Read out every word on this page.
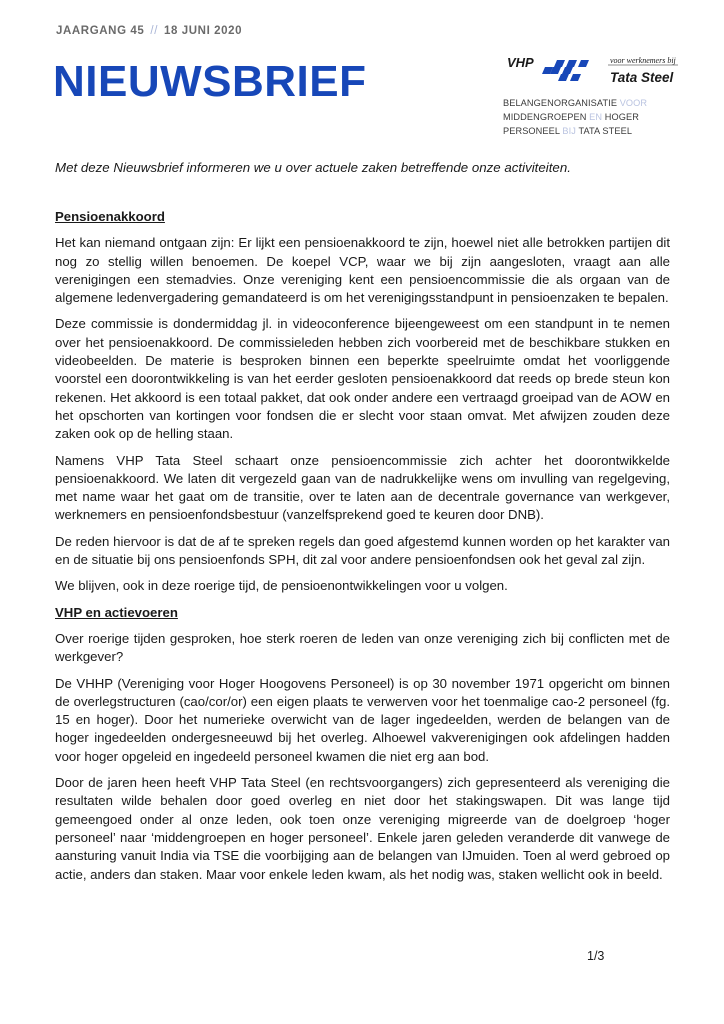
JAARGANG 45 // 18 JUNI 2020
NIEUWSBRIEF	VHP	voor werknemers bij
Tata Steel
BELANGENORGANISATIE VOOR
MIDDENGROEPEN EN HOGER
PERSONEEL BIJ TATA STEEL
Met deze Nieuwsbrief informeren we u over actuele zaken betreffende onze activiteiten.
Pensioenakkoord

Het kan niemand ontgaan zijn: Er lijkt een pensioenakkoord te zijn, hoewel niet alle betrokken partijen dit nog zo stellig willen benoemen. De koepel VCP, waar we bij zijn aangesloten, vraagt aan alle verenigingen een stemadvies. Onze vereniging kent een pensioencommissie die als orgaan van de algemene ledenvergadering gemandateerd is om het verenigingsstandpunt in pensioenzaken te bepalen.

Deze commissie is dondermiddag jl. in videoconference bijeengeweest om een standpunt in te nemen over het pensioenakkoord. De commissieleden hebben zich voorbereid met de beschikbare stukken en videobeelden. De materie is besproken binnen een beperkte speelruimte omdat het voorliggende voorstel een doorontwikkeling is van het eerder gesloten pensioenakkoord dat reeds op brede steun kon rekenen. Het akkoord is een totaal pakket, dat ook onder andere een vertraagd groeipad van de AOW en het opschorten van kortingen voor fondsen die er slecht voor staan omvat. Met afwijzen zouden deze zaken ook op de helling staan.

Namens VHP Tata Steel schaart onze pensioencommissie zich achter het doorontwikkelde pensioenakkoord. We laten dit vergezeld gaan van de nadrukkelijke wens om invulling van regelgeving, met name waar het gaat om de transitie, over te laten aan de decentrale governance van werkgever, werknemers en pensioenfondsbestuur (vanzelfsprekend goed te keuren door DNB).

De reden hiervoor is dat de af te spreken regels dan goed afgestemd kunnen worden op het karakter van en de situatie bij ons pensioenfonds SPH, dit zal voor andere pensioenfondsen ook het geval zal zijn.

We blijven, ook in deze roerige tijd, de pensioenontwikkelingen voor u volgen.

VHP en actievoeren

Over roerige tijden gesproken, hoe sterk roeren de leden van onze vereniging zich bij conflicten met de werkgever?

De VHHP (Vereniging voor Hoger Hoogovens Personeel) is op 30 november 1971 opgericht om binnen de overlegstructuren (cao/cor/or) een eigen plaats te verwerven voor het toenmalige cao-2 personeel (fg. 15 en hoger). Door het numerieke overwicht van de lager ingedeelden, werden de belangen van de hoger ingedeelden ondergesneeuwd bij het overleg. Alhoewel vakverenigingen ook afdelingen hadden voor hoger opgeleid en ingedeeld personeel kwamen die niet erg aan bod.

Door de jaren heen heeft VHP Tata Steel (en rechtsvoorgangers) zich gepresenteerd als vereniging die resultaten wilde behalen door goed overleg en niet door het stakingswapen. Dit was lange tijd gemeengoed onder al onze leden, ook toen onze vereniging migreerde van de doelgroep ‘hoger personeel’ naar ‘middengroepen en hoger personeel’. Enkele jaren geleden veranderde dit vanwege de aansturing vanuit India via TSE die voorbijging aan de belangen van IJmuiden. Toen al werd gebroed op actie, anders dan staken. Maar voor enkele leden kwam, als het nodig was, staken wellicht ook in beeld.

1/3
